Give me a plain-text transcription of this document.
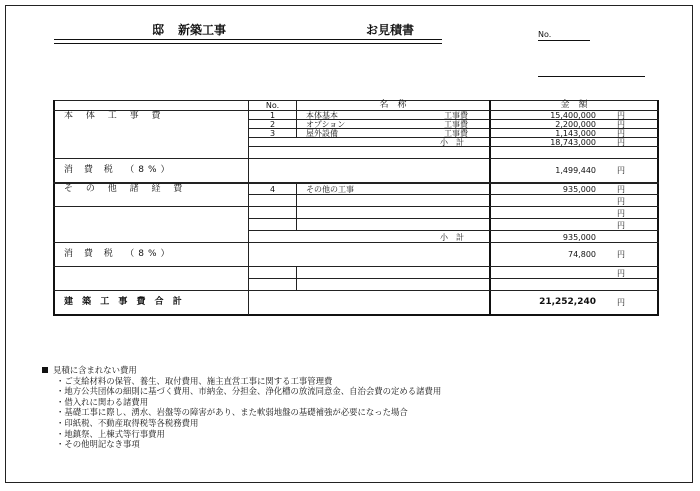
邸 新築工事	お見積書	No.
No.	名　称	金　額
本 体 工 事 費	1	本体基本	工事費	15,400,000	円
2	オプション	工事費	2,200,000	円
3	屋外設備	工事費	1,143,000	円
小　計	18,743,000	円
消 費 税　（8%）	1,499,440	円
そ の 他 諸 経 費	4	その他の工事	935,000	円
円
円
円
小　計	935,000
消 費 税　（8%）	74,800	円
円
建 築 工 事 費 合 計	21,252,240	円
見積に含まれない費用
・ご支給材料の保管、養生、取付費用、施主直営工事に関する工事管理費
・地方公共団体の細則に基づく費用、市納金、分担金、浄化槽の放流同意金、自治会費の定める諸費用
・借入れに関わる諸費用
・基礎工事に際し、湧水、岩盤等の障害があり、また軟弱地盤の基礎補強が必要になった場合
・印紙税、不動産取得税等各税務費用
・地鎮祭、上棟式等行事費用
・その他明記なき事項
